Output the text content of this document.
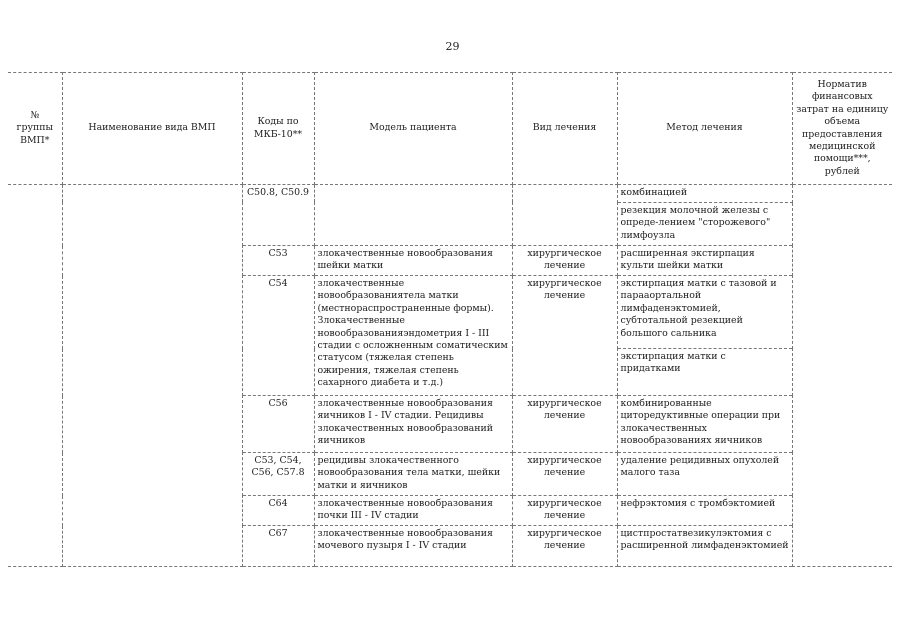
29
№ группы ВМП*	Наименование вида ВМП	Коды по МКБ-10**	Модель пациента	Вид лечения	Метод лечения	Норматив финансовых затрат на единицу объема предоставления медицинской помощи***, рублей
		C50.8, C50.9			комбинацией	
					резекция молочной железы с опреде-лением "сторожевого" лимфоузла	
		C53	злокачественные новообразования шейки матки	хирургическое лечение	расширенная экстирпация культи шейки матки	
		C54	злокачественные новообразованиятела матки (местнораспространенные формы). Злокачественные новообразованияэндометрия I - III стадии с осложненным соматическим статусом (тяжелая степень ожирения, тяжелая степень сахарного диабета и т.д.)	хирургическое лечение	экстирпация матки с тазовой и парааортальной лимфаденэктомией, субтотальной резекцией большого сальника	
					экстирпация матки с придатками	
		C56	злокачественные новообразования яичников I - IV стадии. Рецидивы злокачественных новообразований яичников	хирургическое лечение	комбинированные циторедуктивные операции при злокачественных новообразованиях яичников	
		C53, C54, C56, C57.8	рецидивы злокачественного новообразования тела матки, шейки матки и яичников	хирургическое лечение	удаление рецидивных опухолей малого таза	
		C64	злокачественные новообразования почки III - IV стадии	хирургическое лечение	нефрэктомия с тромбэктомией	
		C67	злокачественные новообразования мочевого пузыря I - IV стадии	хирургическое лечение	цистпростатвезикулэктомия с расширенной лимфаденэктомией	
